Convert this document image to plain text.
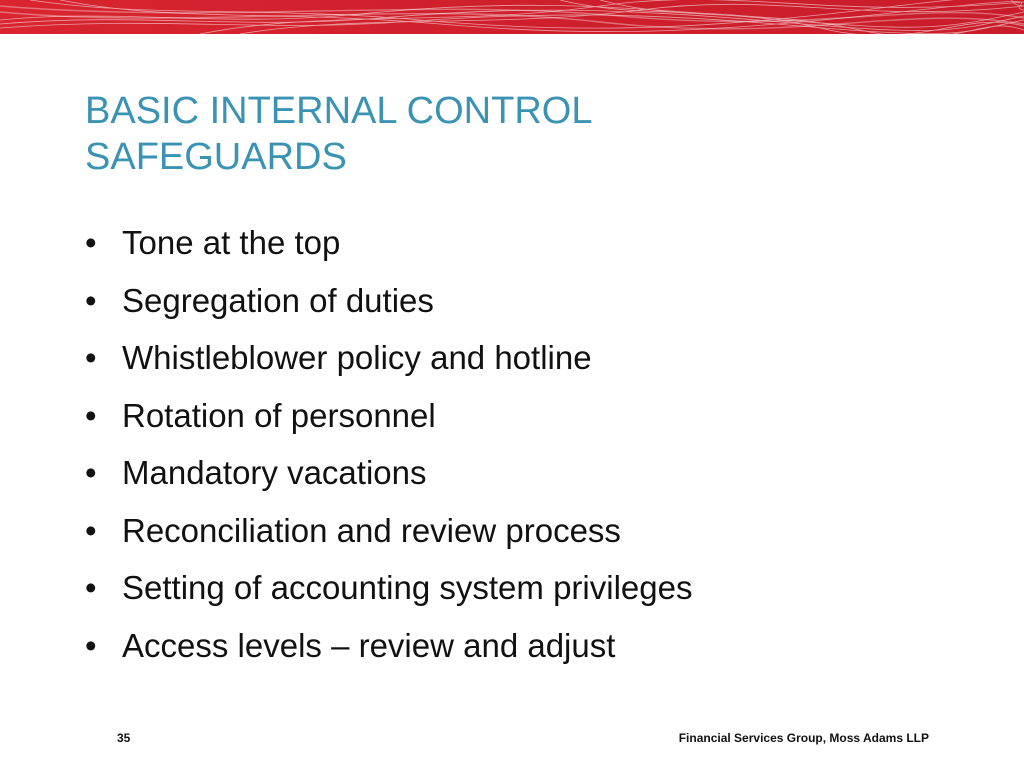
BASIC INTERNAL CONTROL
SAFEGUARDS
• Tone at the top
• Segregation of duties
• Whistleblower policy and hotline
• Rotation of personnel
• Mandatory vacations
• Reconciliation and review process
• Setting of accounting system privileges
• Access levels – review and adjust
35	Financial Services Group, Moss Adams LLP
